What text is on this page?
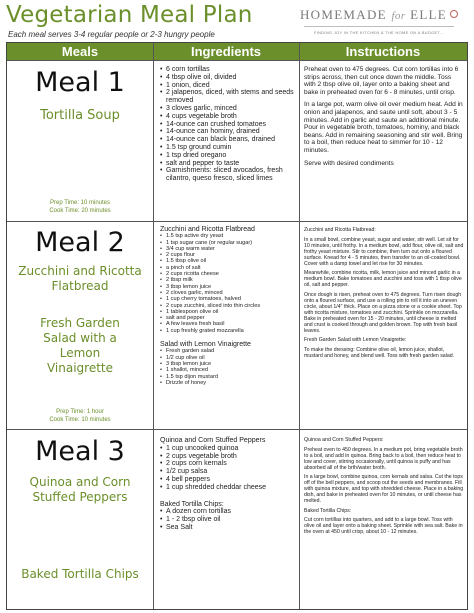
Vegetarian Meal Plan
Each meal serves 3-4 regular people or 2-3 hungry people
HOMEMADE for ELLE
FINDING JOY IN THE KITCHEN & THE HOME ON A BUDGET...
Meals	Ingredients	Instructions
Meal 1
Tortilla Soup
Prep Time: 10 minutes
Cook Time: 20 minutes
• 6 corn tortillas
• 4 tbsp olive oil, divided
• 1 onion, diced
• 2 jalapenos, diced, with stems and seeds removed
• 3 cloves garlic, minced
• 4 cups vegetable broth
• 14-ounce can crushed tomatoes
• 14-ounce can hominy, drained
• 14-ounce can black beans, drained
• 1.5 tsp ground cumin
• 1 tsp dried oregano
• salt and pepper to taste
• Garnishments: sliced avocados, fresh cilantro, queso fresco, sliced limes

Preheat oven to 475 degrees. Cut corn tortillas into 6 strips across, then cut once down the middle. Toss with 2 tbsp olive oil, layer onto a baking sheet and bake in preheated oven for 6 - 8 minutes, until crisp.

In a large pot, warm olive oil over medium heat. Add in onion and jalapenos, and saute until soft, about 3 - 5 minutes. Add in garlic and saute an additional minute. Pour in vegetable broth, tomatoes, hominy, and black beans. Add in remaining seasoning and stir well. Bring to a boil, then reduce heat to simmer for 10 - 12 minutes.

Serve with desired condiments

Meal 2
Zucchini and Ricotta Flatbread
Fresh Garden Salad with a Lemon Vinaigrette
Prep Time: 1 hour
Cook Time: 10 minutes
Zucchini and Ricotta Flatbread
• 1.5 tsp active dry yeast
• 1 tsp sugar cane (or regular sugar)
• 3/4 cup warm water
• 2 cups flour
• 1.5 tbsp olive oil
• a pinch of salt
• 2 cups ricotta cheese
• 2 tbsp milk
• 3 tbsp lemon juice
• 2 cloves garlic, minced
• 1 cup cherry tomatoes, halved
• 2 cups zucchini, sliced into thin circles
• 1 tablespoon olive oil
• salt and pepper
• A few leaves fresh basil
• 1 cup freshly grated mozzarella
Salad with Lemon Vinaigrette
• Fresh garden salad
• 1/2 cup olive oil
• 3 tbsp lemon juice
• 1 shallot, minced
• 1.5 tsp dijon mustard
• Drizzle of honey

Zucchini and Ricotta Flatbread:

In a small bowl, combine yeast, sugar and water, stir well. Let sit for 10 minutes, until frothy. In a medium bowl, add flour, olive oil, salt and frothy yeast mixture. Stir to combine, then turn out onto a floured surface. Knead for 4 - 5 minutes, then transfer to an oil-coated bowl. Cover with a damp towel and let rise for 30 minutes.

Meanwhile, combine ricotta, milk, lemon juice and minced garlic in a medium bowl. Bake tomatoes and zucchini and toss with 1 tbsp olive oil, salt and pepper.

Once dough is risen, preheat oven to 475 degrees. Turn risen dough onto a floured surface, and use a rolling pin to roll it into an uneven circle, about 1/4" thick. Place on a pizza stone or a cookie sheet. Top with ricotta mixture, tomatoes and zucchini. Sprinkle on mozzarella. Bake in preheated oven for 15 - 20 minutes, until cheese is melted and crust is cooked through and golden brown. Top with fresh basil leaves.

Fresh Garden Salad with Lemon Vinaigrette:

To make the dressing: Combine olive oil, lemon juice, shallot, mustard and honey, and blend well. Toss with fresh garden salad.

Meal 3
Quinoa and Corn Stuffed Peppers
Baked Tortilla Chips
Quinoa and Corn Stuffed Peppers
• 1 cup uncooked quinoa
• 2 cups vegetable broth
• 2 cups corn kernals
• 1/2 cup salsa
• 4 bell peppers
• 1 cup shredded cheddar cheese
Baked Tortilla Chips:
• A dozen corn tortillas
• 1 - 2 tbsp olive oil
• Sea Salt

Quinoa and Corn Stuffed Peppers:

Preheat oven to 450 degrees. In a medium pot, bring vegetable broth to a boil, and add in quinoa. Bring back to a boil, then reduce heat to low and cover, stirring occasionally, until quinoa is puffy and has absorbed all of the brth/water broth.

In a large bowl, combine quinoa, corn kernals and salsa. Cut the tops off of the bell peppers, and scoop out the seeds and membranes. Fill with quinoa mixture, and top with shredded cheese. Place in a baking dish, and bake in preheated oven for 10 minutes, or until cheese has melted.

Baked Tortilla Chips:

Cut corn tortillas into quarters, and add to a large bowl. Toss with olive oil and layer onto a baking sheet. Sprinkle with sea salt. Bake in the oven at 450 until crisp, about 10 - 12 minutes.
